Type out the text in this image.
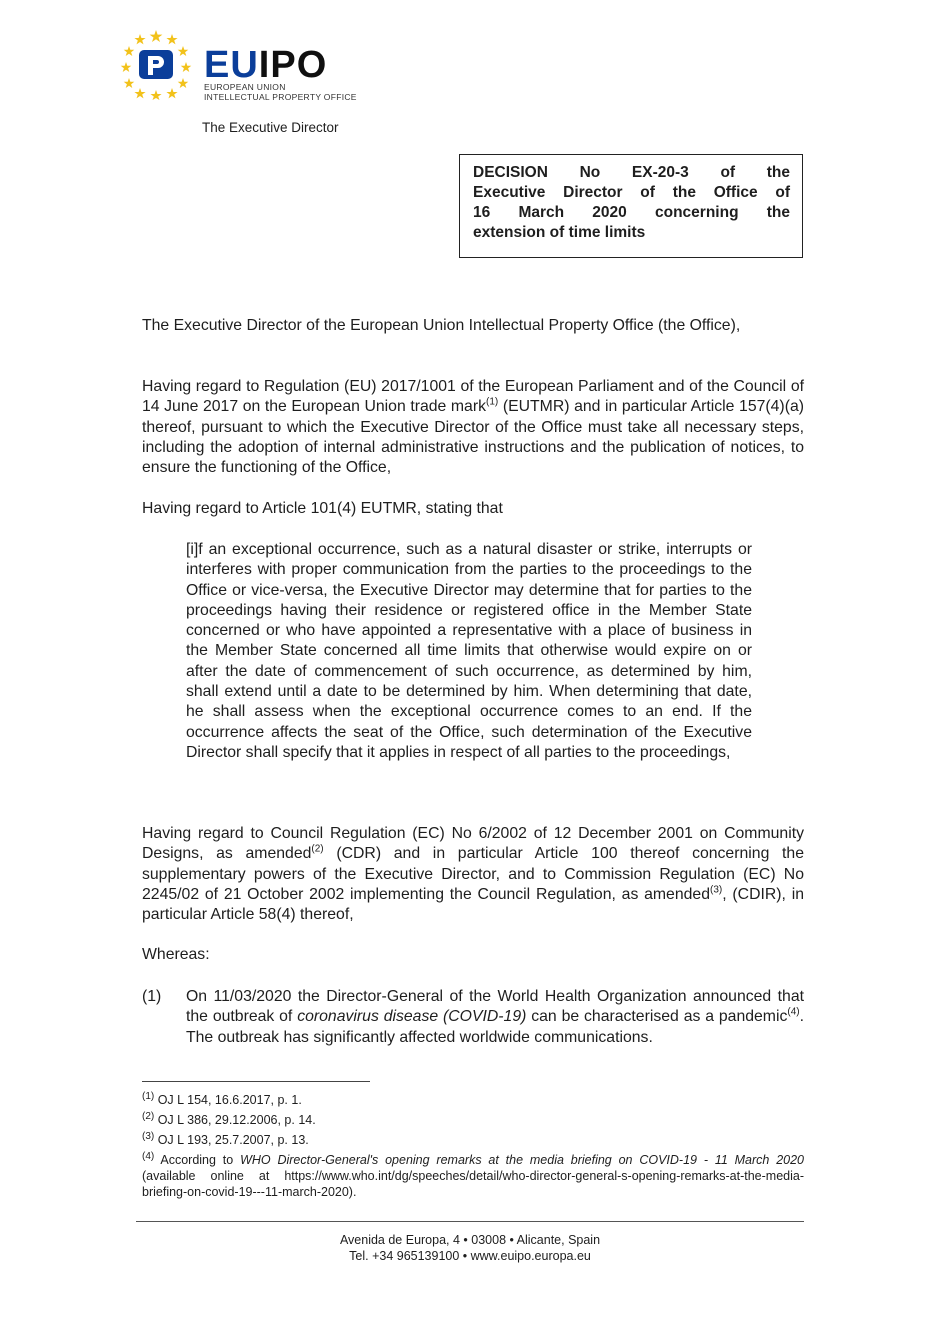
EUIPO
EUROPEAN UNION
INTELLECTUAL PROPERTY OFFICE
The Executive Director
DECISION No EX-20-3 of the
Executive Director of the Office of
16 March 2020 concerning the
extension of time limits
The Executive Director of the European Union Intellectual Property Office (the Office),
Having regard to Regulation (EU) 2017/1001 of the European Parliament and of the Council of 14 June 2017 on the European Union trade mark$^{(1)}$ (EUTMR) and in particular Article 157(4)(a) thereof, pursuant to which the Executive Director of the Office must take all necessary steps, including the adoption of internal administrative instructions and the publication of notices, to ensure the functioning of the Office,
Having regard to Article 101(4) EUTMR, stating that
[i]f an exceptional occurrence, such as a natural disaster or strike, interrupts or interferes with proper communication from the parties to the proceedings to the Office or vice-versa, the Executive Director may determine that for parties to the proceedings having their residence or registered office in the Member State concerned or who have appointed a representative with a place of business in the Member State concerned all time limits that otherwise would expire on or after the date of commencement of such occurrence, as determined by him, shall extend until a date to be determined by him. When determining that date, he shall assess when the exceptional occurrence comes to an end. If the occurrence affects the seat of the Office, such determination of the Executive Director shall specify that it applies in respect of all parties to the proceedings,
Having regard to Council Regulation (EC) No 6/2002 of 12 December 2001 on Community Designs, as amended$^{(2)}$ (CDR) and in particular Article 100 thereof concerning the supplementary powers of the Executive Director, and to Commission Regulation (EC) No 2245/02 of 21 October 2002 implementing the Council Regulation, as amended$^{(3)}$, (CDIR), in particular Article 58(4) thereof,
Whereas:
(1) On 11/03/2020 the Director-General of the World Health Organization announced that the outbreak of coronavirus disease (COVID-19) can be characterised as a pandemic$^{(4)}$. The outbreak has significantly affected worldwide communications.
$^{(1)}$ OJ L 154, 16.6.2017, p. 1.
$^{(2)}$ OJ L 386, 29.12.2006, p. 14.
$^{(3)}$ OJ L 193, 25.7.2007, p. 13.
$^{(4)}$ According to WHO Director-General's opening remarks at the media briefing on COVID-19 - 11 March 2020 (available online at https://www.who.int/dg/speeches/detail/who-director-general-s-opening-remarks-at-the-media-briefing-on-covid-19---11-march-2020).
Avenida de Europa, 4 • 03008 • Alicante, Spain
Tel. +34 965139100 • www.euipo.europa.eu
